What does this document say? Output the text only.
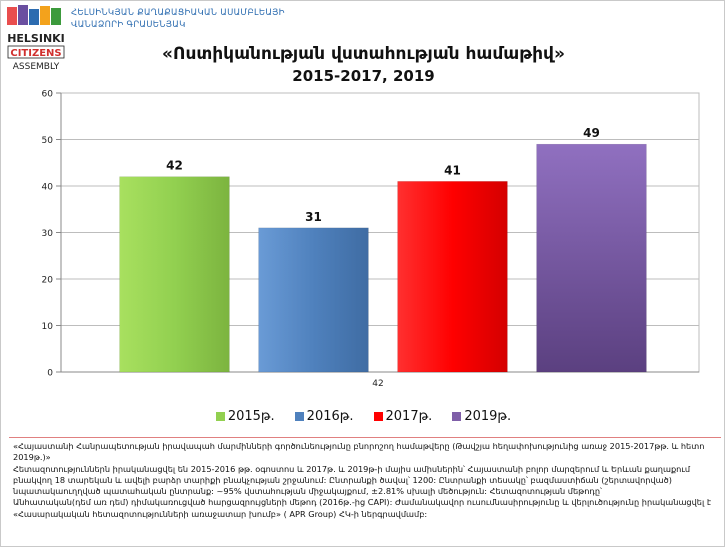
HELSINKI
CITIZENS
ASSEMBLY
ՀԵԼՍԻՆԿՅԱՆ ՔԱՂԱՔԱՑԻԱԿԱՆ ԱՍԱՄԲԼԵԱՅԻ
ՎԱՆԱՁՈՐԻ ԳՐԱՍԵՆՅԱԿ
«Ոստիկանության վստահության համաթիվ»
2015-2017, 2019
0
10
20
30
40
50
60
42
31
41
49
42
2015թ. 2016թ. 2017թ. 2019թ.

«Հայաստանի Հանրապետության իրավապահ մարմինների գործունեությունը բնորոշող համաթվերը (Թավշյա հեղափոխությունից առաջ 2015-2017թթ. և հետո 2019թ.)»

Հետազոտություններն իրականացվել են 2015-2016 թթ. օգոստոս և 2017թ. և 2019թ-ի մայիս ամիսներին՝ Հայաստանի բոլոր մարզերում և Երևան քաղաքում բնակվող 18 տարեկան և ավելի բարձր տարիքի բնակչության շրջանում: Ընտրանքի ծավալ՝ 1200: Ընտրանքի տեսակը՝ բազմաստիճան (շերտավորված) նպատակաուղղված պատահական ընտրանք: ~95% վստահության միջակայքում, ±2.81% սխալի մեծություն: Հետազոտության մեթոդը՝

Անհատական(դեմ առ դեմ) դիմակառուցված հարցազրույցների մեթոդ (2016թ.-ից CAPI): Ժամանակավոր ուսումնասիրությունը և վերլուծությունը իրականացվել է «Հասարակական հետազոտությունների առաջատար խումբ» ( APR Group) ՀԿ-ի ներգրավմամբ:
